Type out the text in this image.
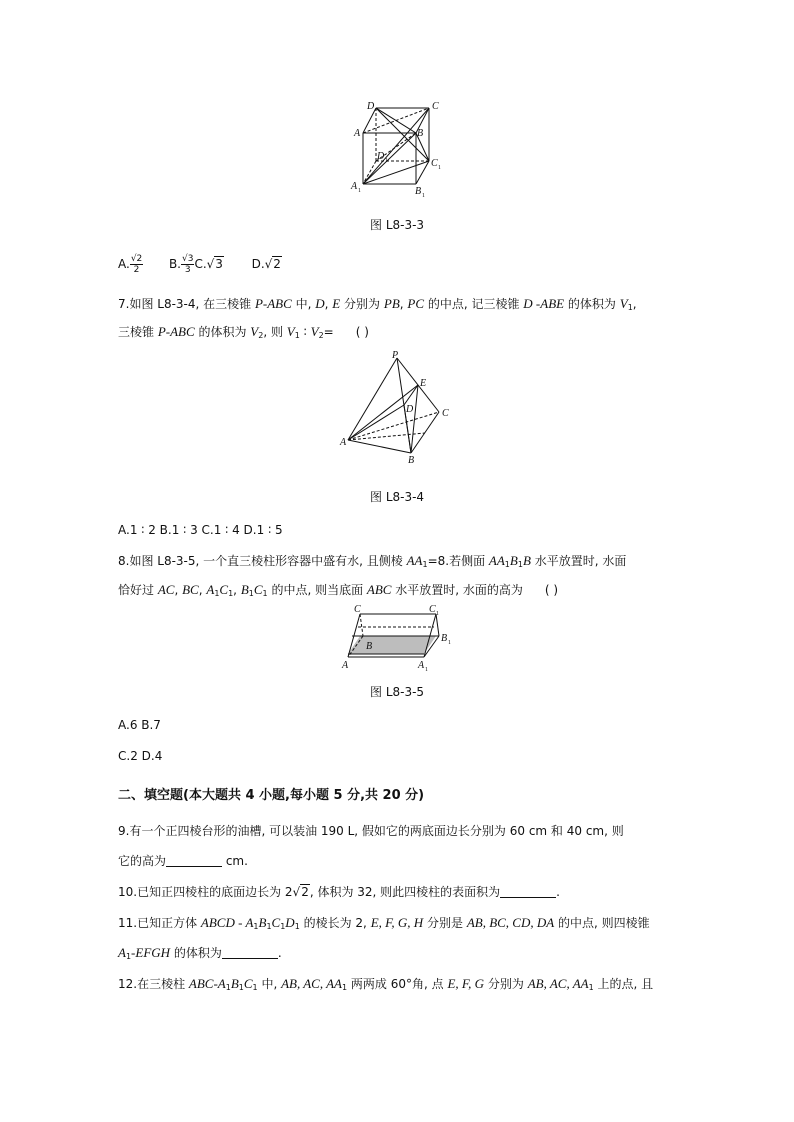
D	C
A	B
D 1	C 1
A 1	B 1
图 L8-3-3
A. $\frac{√2}{2} B$. $\frac{√3}{3} C.√3$ D.√2
7.如图 L8-3-4, 在三棱锥 P-ABC 中, D, E 分别为 PB, PC 的中点, 记三棱锥 D -ABE 的体积为 $V_1$,
三棱锥 P-ABC 的体积为 $V_2$, 则 $V_1$ ∶ $V_2=$ ( )
P
E
D	C
A
B
图 L8-3-4
A.1 ∶ 2 B.1 ∶ 3 C.1 ∶ 4 D.1 ∶ 5
8.如图 L8-3-5, 一个直三棱柱形容器中盛有水, 且侧棱 $AA_1=8$.若侧面 $AA_1B_1B$ 水平放置时, 水面
恰好过 AC, BC, $A_1C_1$, $B_1C_1$ 的中点, 则当底面 ABC 水平放置时, 水面的高为 ( )
C	C 1
B
B 1
A	A 1
图 L8-3-5
A.6 B.7
C.2 D.4
二、填空题(本大题共 4 小题,每小题 5 分,共 20 分)
9.有一个正四棱台形的油槽, 可以装油 190 L, 假如它的两底面边长分别为 60 cm 和 40 cm, 则
它的高为	cm.
10.已知正四棱柱的底面边长为 2√2, 体积为 32, 则此四棱柱的表面积为	.
11.已知正方体 ABCD - $A_1B_1C_1D_1$ 的棱长为 2, E, F, G, H 分别是 AB, BC, CD, DA 的中点, 则四棱锥
$A_1$-EFGH 的体积为	.
12.在三棱柱 ABC-$A_1B_1C_1$ 中, AB, AC, $AA_1$ 两两成 60°角, 点 E, F, G 分别为 AB, AC, $AA_1$ 上的点, 且
